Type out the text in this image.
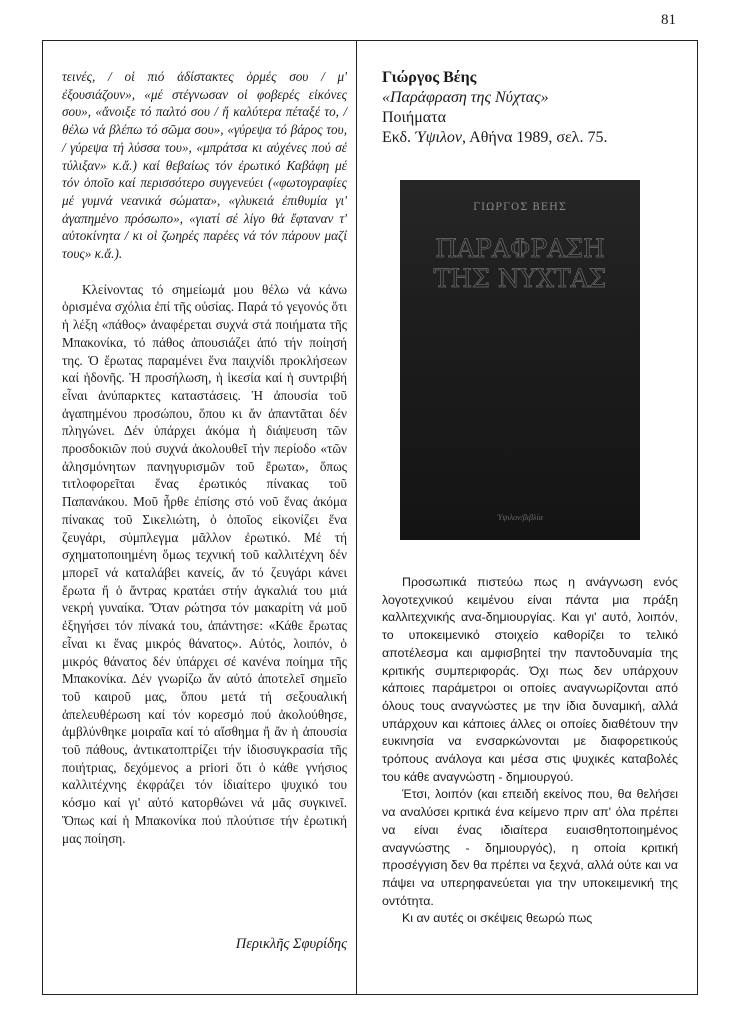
81

τεινές, / οἱ πιό ἀδίστακτες ὁρμές σου / μ' ἐξουσιάζουν», «μέ στέγνωσαν οἱ φοβερές εἰκόνες σου», «ἄνοιξε τό παλτό σου / ἤ καλύτερα πέταξέ το, / θέλω νά βλέπω τό σῶμα σου», «γύρεψα τό βάρος του, / γύρεψα τή λύσσα του», «μπράτσα κι αὐχένες πού σέ τύλιξαν» κ.ἄ.) καί θεβαίως τόν ἐρωτικό Καβάφη μέ τόν ὁποῖο καί περισσότερο συγγενεύει («φωτογραφίες μέ γυμνά νεανικά σώματα», «γλυκειά ἐπιθυμία γι' ἀγαπημένο πρόσωπο», «γιατί σέ λίγο θά ἔφταναν τ' αὐτοκίνητα / κι οἱ ζωηρές παρέες νά τόν πάρουν μαζί τους» κ.ἄ.).

Κλείνοντας τό σημείωμά μου θέλω νά κάνω ὁρισμένα σχόλια ἐπί τῆς οὐσίας. Παρά τό γεγονός ὅτι ἡ λέξη «πάθος» ἀναφέρεται συχνά στά ποιήματα τῆς Μπακονίκα, τό πάθος ἀπουσιάζει ἀπό τήν ποίησή της. Ὁ ἔρωτας παραμένει ἕνα παιχνίδι προκλήσεων καί ἡδονῆς. Ἡ προσήλωση, ἡ ἱκεσία καί ἡ συντριβή εἶναι ἀνύπαρκτες καταστάσεις. Ἡ ἀπουσία τοῦ ἀγαπημένου προσώπου, ὅπου κι ἄν ἀπαντᾶται δέν πληγώνει. Δέν ὑπάρχει ἀκόμα ἡ διάψευση τῶν προσδοκιῶν πού συχνά ἀκολουθεῖ τήν περίοδο «τῶν ἀλησμόνητων πανηγυρισμῶν τοῦ ἔρωτα», ὅπως τιτλοφορεῖται ἕνας ἐρωτικός πίνακας τοῦ Παπανάκου. Μοῦ ἦρθε ἐπίσης στό νοῦ ἕνας ἀκόμα πίνακας τοῦ Σικελιώτη, ὁ ὁποῖος εἰκονίζει ἕνα ζευγάρι, σύμπλεγμα μᾶλλον ἐρωτικό. Μέ τή σχηματοποιημένη ὅμως τεχνική τοῦ καλλιτέχνη δέν μπορεῖ νά καταλάβει κανείς, ἄν τό ζευγάρι κάνει ἔρωτα ἤ ὁ ἄντρας κρατάει στήν ἀγκαλιά του μιά νεκρή γυναίκα. Ὅταν ρώτησα τόν μακαρίτη νά μοῦ ἐξηγήσει τόν πίνακά του, ἀπάντησε: «Κάθε ἔρωτας εἶναι κι ἕνας μικρός θάνατος». Αὐτός, λοιπόν, ὁ μικρός θάνατος δέν ὑπάρχει σέ κανένα ποίημα τῆς Μπακονίκα. Δέν γνωρίζω ἄν αὐτό ἀποτελεῖ σημεῖο τοῦ καιροῦ μας, ὅπου μετά τή σεξουαλική ἀπελευθέρωση καί τόν κορεσμό πού ἀκολούθησε, ἀμβλύνθηκε μοιραῖα καί τό αἴσθημα ἤ ἄν ἡ ἀπουσία τοῦ πάθους, ἀντικατοπτρίζει τήν ἰδιοσυγκρασία τῆς ποιήτριας, δεχόμενος a priori ὅτι ὁ κάθε γνήσιος καλλιτέχνης ἐκφράζει τόν ἰδιαίτερο ψυχικό του κόσμο καί γι' αὐτό κατορθώνει νά μᾶς συγκινεῖ. Ὅπως καί ἡ Μπακονίκα πού πλούτισε τήν ἐρωτική μας ποίηση.

Περικλῆς Σφυρίδης
Γιώργος Βέης
«Παράφραση της Νύχτας»
Ποιήματα
Εκδ. Ύψιλον, Αθήνα 1989, σελ. 75.
ΓΙΩΡΓΟΣ ΒΕΗΣ
ΠΑΡΑΦΡΑΣΗ
ΤΗΣ ΝΥΧΤΑΣ
Ύψιλον/βιβλία

Προσωπικά πιστεύω πως η ανάγνωση ενός λογοτεχνικού κειμένου είναι πάντα μια πράξη καλλιτεχνικής ανα-δημιουργίας. Και γι' αυτό, λοιπόν, το υποκειμενικό στοιχείο καθορίζει το τελικό αποτέλεσμα και αμφισβητεί την παντοδυναμία της κριτικής συμπεριφοράς. Όχι πως δεν υπάρχουν κάποιες παράμετροι οι οποίες αναγνωρίζονται από όλους τους αναγνώστες με την ίδια δυναμική, αλλά υπάρχουν και κάποιες άλλες οι οποίες διαθέτουν την ευκινησία να ενσαρκώνονται με διαφορετικούς τρόπους ανάλογα και μέσα στις ψυχικές καταβολές του κάθε αναγνώστη - δημιουργού.

Έτσι, λοιπόν (και επειδή εκείνος που, θα θελήσει να αναλύσει κριτικά ένα κείμενο πριν απ' όλα πρέπει να είναι ένας ιδιαίτερα ευαισθητοποιημένος αναγνώστης - δημιουργός), η οποία κριτική προσέγγιση δεν θα πρέπει να ξεχνά, αλλά ούτε και να πάψει να υπερηφανεύεται για την υποκειμενική της οντότητα.

Κι αν αυτές οι σκέψεις θεωρώ πως
